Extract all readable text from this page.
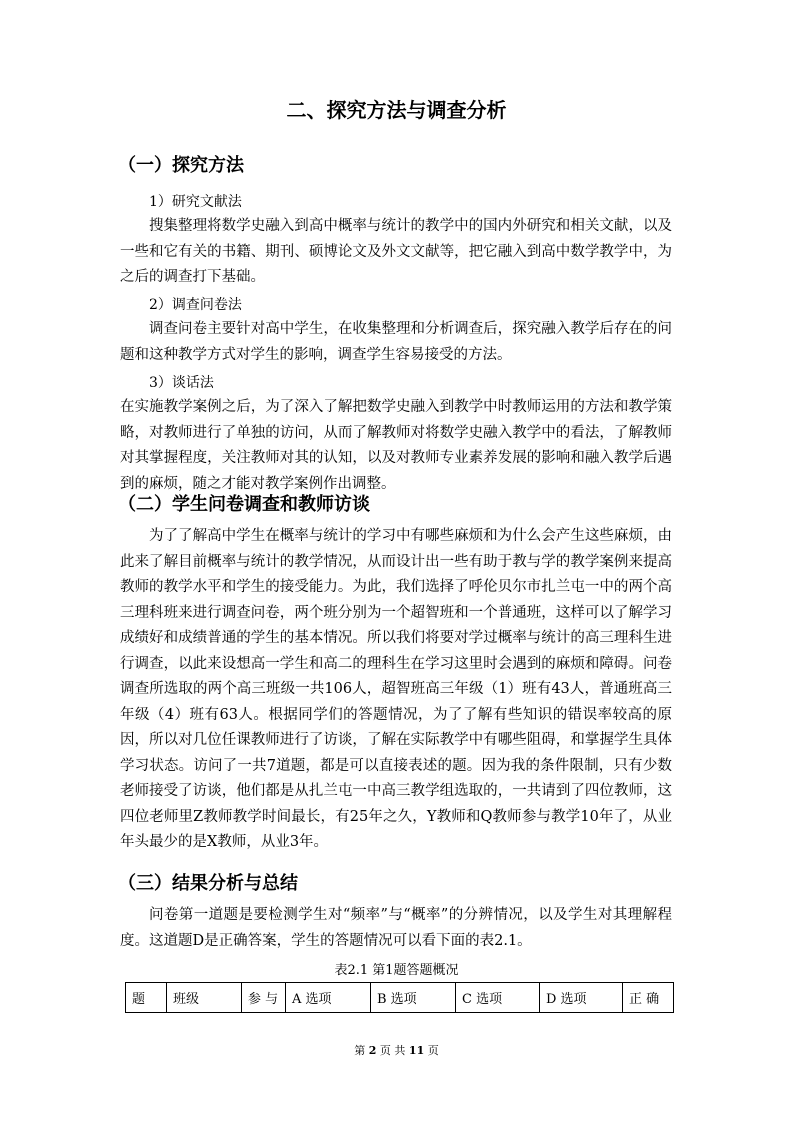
二、探究方法与调查分析
（一）探究方法
1）研究文献法
搜集整理将数学史融入到高中概率与统计的教学中的国内外研究和相关文献，以及一些和它有关的书籍、期刊、硕博论文及外文文献等，把它融入到高中数学教学中，为之后的调查打下基础。
2）调查问卷法
调查问卷主要针对高中学生，在收集整理和分析调查后，探究融入教学后存在的问题和这种教学方式对学生的影响，调查学生容易接受的方法。
3）谈话法
在实施教学案例之后，为了深入了解把数学史融入到教学中时教师运用的方法和教学策略，对教师进行了单独的访问，从而了解教师对将数学史融入教学中的看法，了解教师对其掌握程度，关注教师对其的认知，以及对教师专业素养发展的影响和融入教学后遇到的麻烦，随之才能对教学案例作出调整。
（二）学生问卷调查和教师访谈
为了了解高中学生在概率与统计的学习中有哪些麻烦和为什么会产生这些麻烦，由此来了解目前概率与统计的教学情况，从而设计出一些有助于教与学的教学案例来提高教师的教学水平和学生的接受能力。为此，我们选择了呼伦贝尔市扎兰屯一中的两个高三理科班来进行调查问卷，两个班分别为一个超智班和一个普通班，这样可以了解学习成绩好和成绩普通的学生的基本情况。所以我们将要对学过概率与统计的高三理科生进行调查，以此来设想高一学生和高二的理科生在学习这里时会遇到的麻烦和障碍。问卷调查所选取的两个高三班级一共106人，超智班高三年级（1）班有43人，普通班高三年级（4）班有63人。根据同学们的答题情况，为了了解有些知识的错误率较高的原因，所以对几位任课教师进行了访谈，了解在实际教学中有哪些阻碍，和掌握学生具体学习状态。访问了一共7道题，都是可以直接表述的题。因为我的条件限制，只有少数老师接受了访谈，他们都是从扎兰屯一中高三教学组选取的，一共请到了四位教师，这四位老师里Z教师教学时间最长，有25年之久，Y教师和Q教师参与教学10年了，从业年头最少的是X教师，从业3年。
（三）结果分析与总结
问卷第一道题是要检测学生对“频率”与“概率”的分辨情况，以及学生对其理解程度。这道题D是正确答案，学生的答题情况可以看下面的表2.1。
表2.1 第1题答题概况
题	班级	参 与	A 选项	B 选项	C 选项	D 选项	正 确
第 2 页 共 11 页
